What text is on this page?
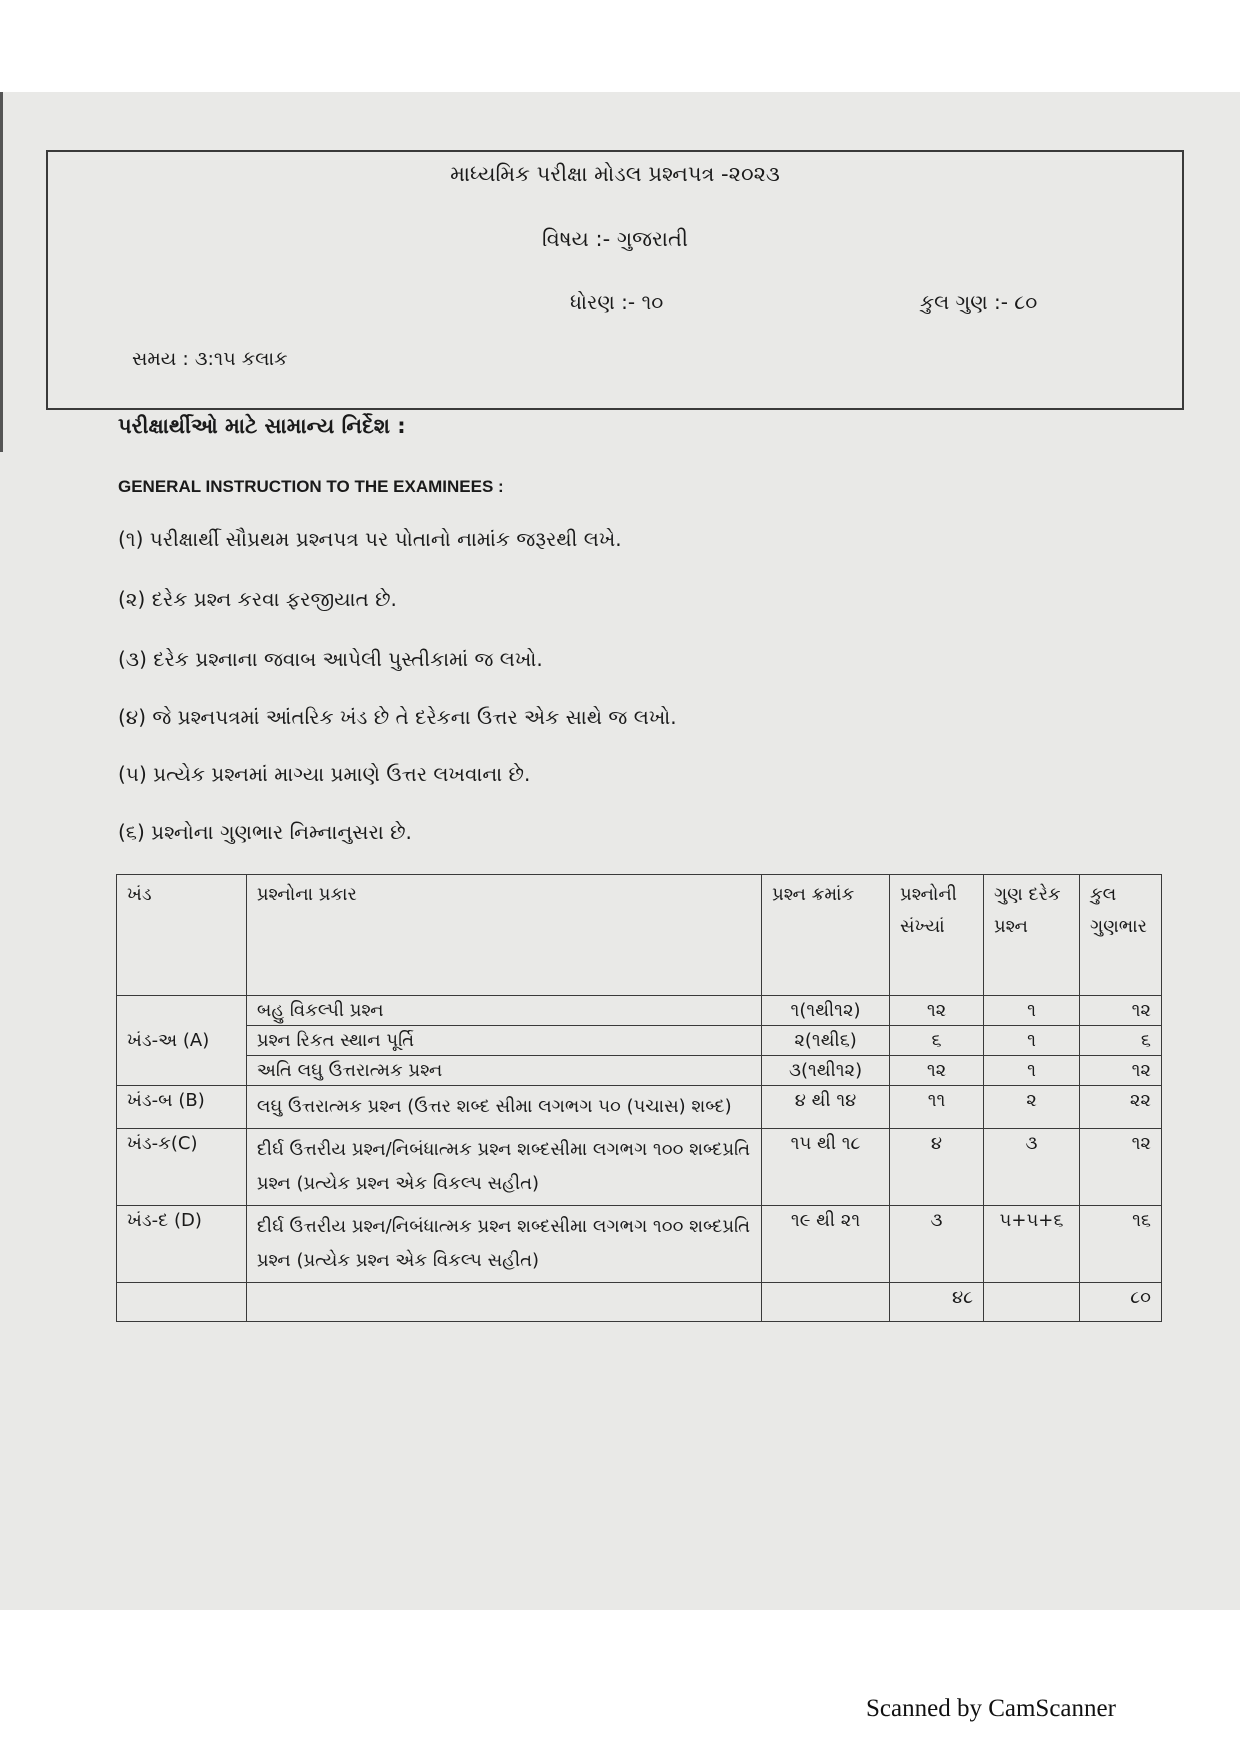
માધ્યમિક પરીક્ષા મોડલ પ્રશ્નપત્ર -૨૦૨૩
વિષય :- ગુજરાતી
ધોરણ :- ૧૦	કુલ ગુણ :- ૮૦
સમય : ૩:૧૫ કલાક
પરીક્ષાર્થીઓ માટે સામાન્ય નિર્દેશ :
GENERAL INSTRUCTION TO THE EXAMINEES :
(૧) પરીક્ષાર્થી સૌપ્રથમ પ્રશ્નપત્ર પર પોતાનો નામાંક જરૂરથી લખે.
(૨) દરેક પ્રશ્ન કરવા ફરજીયાત છે.
(૩) દરેક પ્રશ્નાના જવાબ આપેલી પુસ્તીકામાં જ લખો.
(૪) જે પ્રશ્નપત્રમાં આંતરિક ખંડ છે તે દરેકના ઉત્તર એક સાથે જ લખો.
(૫) પ્રત્યેક પ્રશ્નમાં માગ્યા પ્રમાણે ઉત્તર લખવાના છે.
(૬) પ્રશ્નોના ગુણભાર નિમ્નાનુસરા છે.
ખંડ	પ્રશ્નોના પ્રકાર	પ્રશ્ન ક્રમાંક	પ્રશ્નોની સંખ્યાં	ગુણ દરેક પ્રશ્ન	કુલ ગુણભાર
ખંડ-અ (A)	બહુ વિકલ્પી પ્રશ્ન	૧(૧થી૧૨)	૧૨	૧	૧૨
	પ્રશ્ન રિકત સ્થાન પૂર્તિ	૨(૧થી૬)	૬	૧	૬
	અતિ લઘુ ઉત્તરાત્મક પ્રશ્ન	૩(૧થી૧૨)	૧૨	૧	૧૨
ખંડ-બ (B)	લઘુ ઉત્તરાત્મક પ્રશ્ન (ઉત્તર શબ્દ સીમા લગભગ ૫૦ (પચાસ) શબ્દ)	૪ થી ૧૪	૧૧	૨	૨૨
ખંડ-ક(C)	દીર્ઘ ઉત્તરીય પ્રશ્ન/નિબંધાત્મક પ્રશ્ન શબ્દસીમા લગભગ ૧૦૦ શબ્દપ્રતિ પ્રશ્ન (પ્રત્યેક પ્રશ્ન એક વિકલ્પ સહીત)	૧૫ થી ૧૮	૪	૩	૧૨
ખંડ-દ (D)	દીર્ઘ ઉત્તરીય પ્રશ્ન/નિબંધાત્મક પ્રશ્ન શબ્દસીમા લગભગ ૧૦૦ શબ્દપ્રતિ પ્રશ્ન (પ્રત્યેક પ્રશ્ન એક વિકલ્પ સહીત)	૧૯ થી ૨૧	૩	૫+૫+૬	૧૬
			૪૮		૮૦
Scanned by CamScanner
